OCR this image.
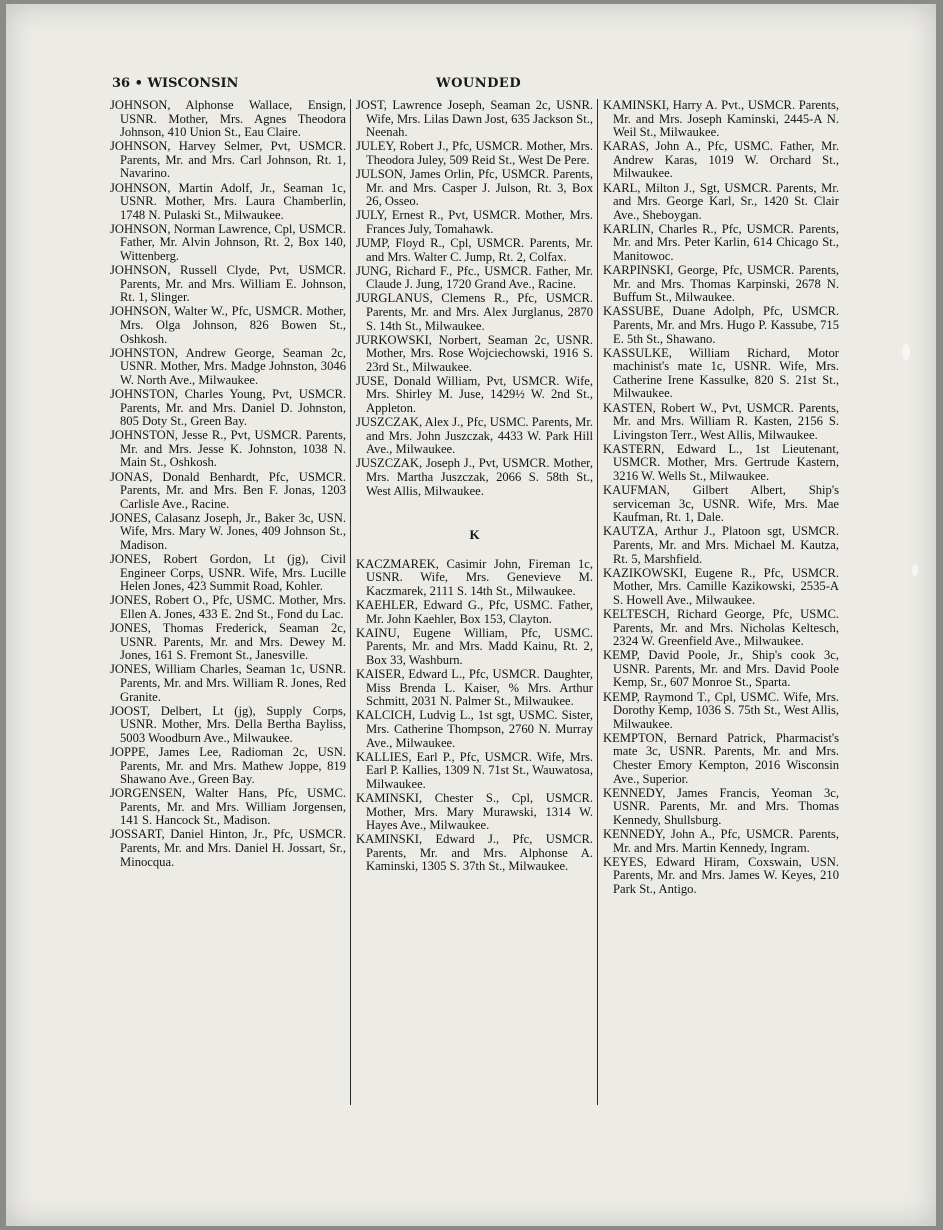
36 • WISCONSIN	WOUNDED
JOHNSON, Alphonse Wallace, Ensign, USNR. Mother, Mrs. Agnes Theodora Johnson, 410 Union St., Eau Claire.
JOHNSON, Harvey Selmer, Pvt, USMCR. Parents, Mr. and Mrs. Carl Johnson, Rt. 1, Navarino.
JOHNSON, Martin Adolf, Jr., Seaman 1c, USNR. Mother, Mrs. Laura Chamberlin, 1748 N. Pulaski St., Milwaukee.
JOHNSON, Norman Lawrence, Cpl, USMCR. Father, Mr. Alvin Johnson, Rt. 2, Box 140, Wittenberg.
JOHNSON, Russell Clyde, Pvt, USMCR. Parents, Mr. and Mrs. William E. Johnson, Rt. 1, Slinger.
JOHNSON, Walter W., Pfc, USMCR. Mother, Mrs. Olga Johnson, 826 Bowen St., Oshkosh.
JOHNSTON, Andrew George, Seaman 2c, USNR. Mother, Mrs. Madge Johnston, 3046 W. North Ave., Milwaukee.
JOHNSTON, Charles Young, Pvt, USMCR. Parents, Mr. and Mrs. Daniel D. Johnston, 805 Doty St., Green Bay.
JOHNSTON, Jesse R., Pvt, USMCR. Parents, Mr. and Mrs. Jesse K. Johnston, 1038 N. Main St., Oshkosh.
JONAS, Donald Benhardt, Pfc, USMCR. Parents, Mr. and Mrs. Ben F. Jonas, 1203 Carlisle Ave., Racine.
JONES, Calasanz Joseph, Jr., Baker 3c, USN. Wife, Mrs. Mary W. Jones, 409 Johnson St., Madison.
JONES, Robert Gordon, Lt (jg), Civil Engineer Corps, USNR. Wife, Mrs. Lucille Helen Jones, 423 Summit Road, Kohler.
JONES, Robert O., Pfc, USMC. Mother, Mrs. Ellen A. Jones, 433 E. 2nd St., Fond du Lac.
JONES, Thomas Frederick, Seaman 2c, USNR. Parents, Mr. and Mrs. Dewey M. Jones, 161 S. Fremont St., Janesville.
JONES, William Charles, Seaman 1c, USNR. Parents, Mr. and Mrs. William R. Jones, Red Granite.
JOOST, Delbert, Lt (jg), Supply Corps, USNR. Mother, Mrs. Della Bertha Bayliss, 5003 Woodburn Ave., Milwaukee.
JOPPE, James Lee, Radioman 2c, USN. Parents, Mr. and Mrs. Mathew Joppe, 819 Shawano Ave., Green Bay.
JORGENSEN, Walter Hans, Pfc, USMC. Parents, Mr. and Mrs. William Jorgensen, 141 S. Hancock St., Madison.
JOSSART, Daniel Hinton, Jr., Pfc, USMCR. Parents, Mr. and Mrs. Daniel H. Jossart, Sr., Minocqua.
JOST, Lawrence Joseph, Seaman 2c, USNR. Wife, Mrs. Lilas Dawn Jost, 635 Jackson St., Neenah.
JULEY, Robert J., Pfc, USMCR. Mother, Mrs. Theodora Juley, 509 Reid St., West De Pere.
JULSON, James Orlin, Pfc, USMCR. Parents, Mr. and Mrs. Casper J. Julson, Rt. 3, Box 26, Osseo.
JULY, Ernest R., Pvt, USMCR. Mother, Mrs. Frances July, Tomahawk.
JUMP, Floyd R., Cpl, USMCR. Parents, Mr. and Mrs. Walter C. Jump, Rt. 2, Colfax.
JUNG, Richard F., Pfc., USMCR. Father, Mr. Claude J. Jung, 1720 Grand Ave., Racine.
JURGLANUS, Clemens R., Pfc, USMCR. Parents, Mr. and Mrs. Alex Jurglanus, 2870 S. 14th St., Milwaukee.
JURKOWSKI, Norbert, Seaman 2c, USNR. Mother, Mrs. Rose Wojciechowski, 1916 S. 23rd St., Milwaukee.
JUSE, Donald William, Pvt, USMCR. Wife, Mrs. Shirley M. Juse, 1429½ W. 2nd St., Appleton.
JUSZCZAK, Alex J., Pfc, USMC. Parents, Mr. and Mrs. John Juszczak, 4433 W. Park Hill Ave., Milwaukee.
JUSZCZAK, Joseph J., Pvt, USMCR. Mother, Mrs. Martha Juszczak, 2066 S. 58th St., West Allis, Milwaukee.
K
KACZMAREK, Casimir John, Fireman 1c, USNR. Wife, Mrs. Genevieve M. Kaczmarek, 2111 S. 14th St., Milwaukee.
KAEHLER, Edward G., Pfc, USMC. Father, Mr. John Kaehler, Box 153, Clayton.
KAINU, Eugene William, Pfc, USMC. Parents, Mr. and Mrs. Madd Kainu, Rt. 2, Box 33, Washburn.
KAISER, Edward L., Pfc, USMCR. Daughter, Miss Brenda L. Kaiser, % Mrs. Arthur Schmitt, 2031 N. Palmer St., Milwaukee.
KALCICH, Ludvig L., 1st sgt, USMC. Sister, Mrs. Catherine Thompson, 2760 N. Murray Ave., Milwaukee.
KALLIES, Earl P., Pfc, USMCR. Wife, Mrs. Earl P. Kallies, 1309 N. 71st St., Wauwatosa, Milwaukee.
KAMINSKI, Chester S., Cpl, USMCR. Mother, Mrs. Mary Murawski, 1314 W. Hayes Ave., Milwaukee.
KAMINSKI, Edward J., Pfc, USMCR. Parents, Mr. and Mrs. Alphonse A. Kaminski, 1305 S. 37th St., Milwaukee.
KAMINSKI, Harry A. Pvt., USMCR. Parents, Mr. and Mrs. Joseph Kaminski, 2445-A N. Weil St., Milwaukee.
KARAS, John A., Pfc, USMC. Father, Mr. Andrew Karas, 1019 W. Orchard St., Milwaukee.
KARL, Milton J., Sgt, USMCR. Parents, Mr. and Mrs. George Karl, Sr., 1420 St. Clair Ave., Sheboygan.
KARLIN, Charles R., Pfc, USMCR. Parents, Mr. and Mrs. Peter Karlin, 614 Chicago St., Manitowoc.
KARPINSKI, George, Pfc, USMCR. Parents, Mr. and Mrs. Thomas Karpinski, 2678 N. Buffum St., Milwaukee.
KASSUBE, Duane Adolph, Pfc, USMCR. Parents, Mr. and Mrs. Hugo P. Kassube, 715 E. 5th St., Shawano.
KASSULKE, William Richard, Motor machinist's mate 1c, USNR. Wife, Mrs. Catherine Irene Kassulke, 820 S. 21st St., Milwaukee.
KASTEN, Robert W., Pvt, USMCR. Parents, Mr. and Mrs. William R. Kasten, 2156 S. Livingston Terr., West Allis, Milwaukee.
KASTERN, Edward L., 1st Lieutenant, USMCR. Mother, Mrs. Gertrude Kastern, 3216 W. Wells St., Milwaukee.
KAUFMAN, Gilbert Albert, Ship's serviceman 3c, USNR. Wife, Mrs. Mae Kaufman, Rt. 1, Dale.
KAUTZA, Arthur J., Platoon sgt, USMCR. Parents, Mr. and Mrs. Michael M. Kautza, Rt. 5, Marshfield.
KAZIKOWSKI, Eugene R., Pfc, USMCR. Mother, Mrs. Camille Kazikowski, 2535-A S. Howell Ave., Milwaukee.
KELTESCH, Richard George, Pfc, USMC. Parents, Mr. and Mrs. Nicholas Keltesch, 2324 W. Greenfield Ave., Milwaukee.
KEMP, David Poole, Jr., Ship's cook 3c, USNR. Parents, Mr. and Mrs. David Poole Kemp, Sr., 607 Monroe St., Sparta.
KEMP, Raymond T., Cpl, USMC. Wife, Mrs. Dorothy Kemp, 1036 S. 75th St., West Allis, Milwaukee.
KEMPTON, Bernard Patrick, Pharmacist's mate 3c, USNR. Parents, Mr. and Mrs. Chester Emory Kempton, 2016 Wisconsin Ave., Superior.
KENNEDY, James Francis, Yeoman 3c, USNR. Parents, Mr. and Mrs. Thomas Kennedy, Shullsburg.
KENNEDY, John A., Pfc, USMCR. Parents, Mr. and Mrs. Martin Kennedy, Ingram.
KEYES, Edward Hiram, Coxswain, USN. Parents, Mr. and Mrs. James W. Keyes, 210 Park St., Antigo.
